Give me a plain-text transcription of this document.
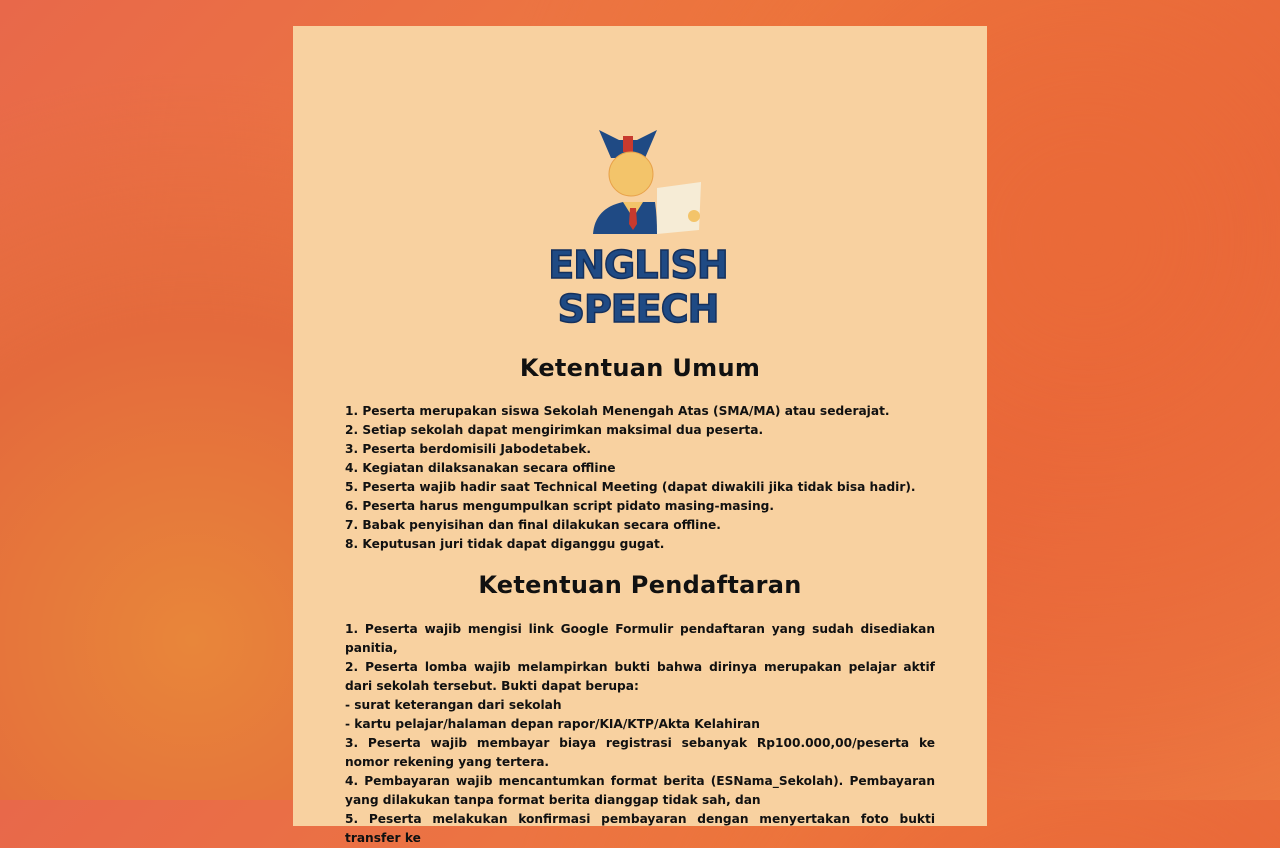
ENGLISH
SPEECH
Ketentuan Umum
1. Peserta merupakan siswa Sekolah Menengah Atas (SMA/MA) atau sederajat.
2. Setiap sekolah dapat mengirimkan maksimal dua peserta.
3. Peserta berdomisili Jabodetabek.
4. Kegiatan dilaksanakan secara offline
5. Peserta wajib hadir saat Technical Meeting (dapat diwakili jika tidak bisa hadir).
6. Peserta harus mengumpulkan script pidato masing-masing.
7. Babak penyisihan dan final dilakukan secara offline.
8. Keputusan juri tidak dapat diganggu gugat.
Ketentuan Pendaftaran
1. Peserta wajib mengisi link Google Formulir pendaftaran yang sudah disediakan panitia,
2. Peserta lomba wajib melampirkan bukti bahwa dirinya merupakan pelajar aktif dari sekolah tersebut. Bukti dapat berupa:
- surat keterangan dari sekolah
- kartu pelajar/halaman depan rapor/KIA/KTP/Akta Kelahiran
3. Peserta wajib membayar biaya registrasi sebanyak Rp100.000,00/peserta ke nomor rekening yang tertera.
4. Pembayaran wajib mencantumkan format berita (ESNama_Sekolah). Pembayaran yang dilakukan tanpa format berita dianggap tidak sah, dan
5. Peserta melakukan konfirmasi pembayaran dengan menyertakan foto bukti transfer ke
